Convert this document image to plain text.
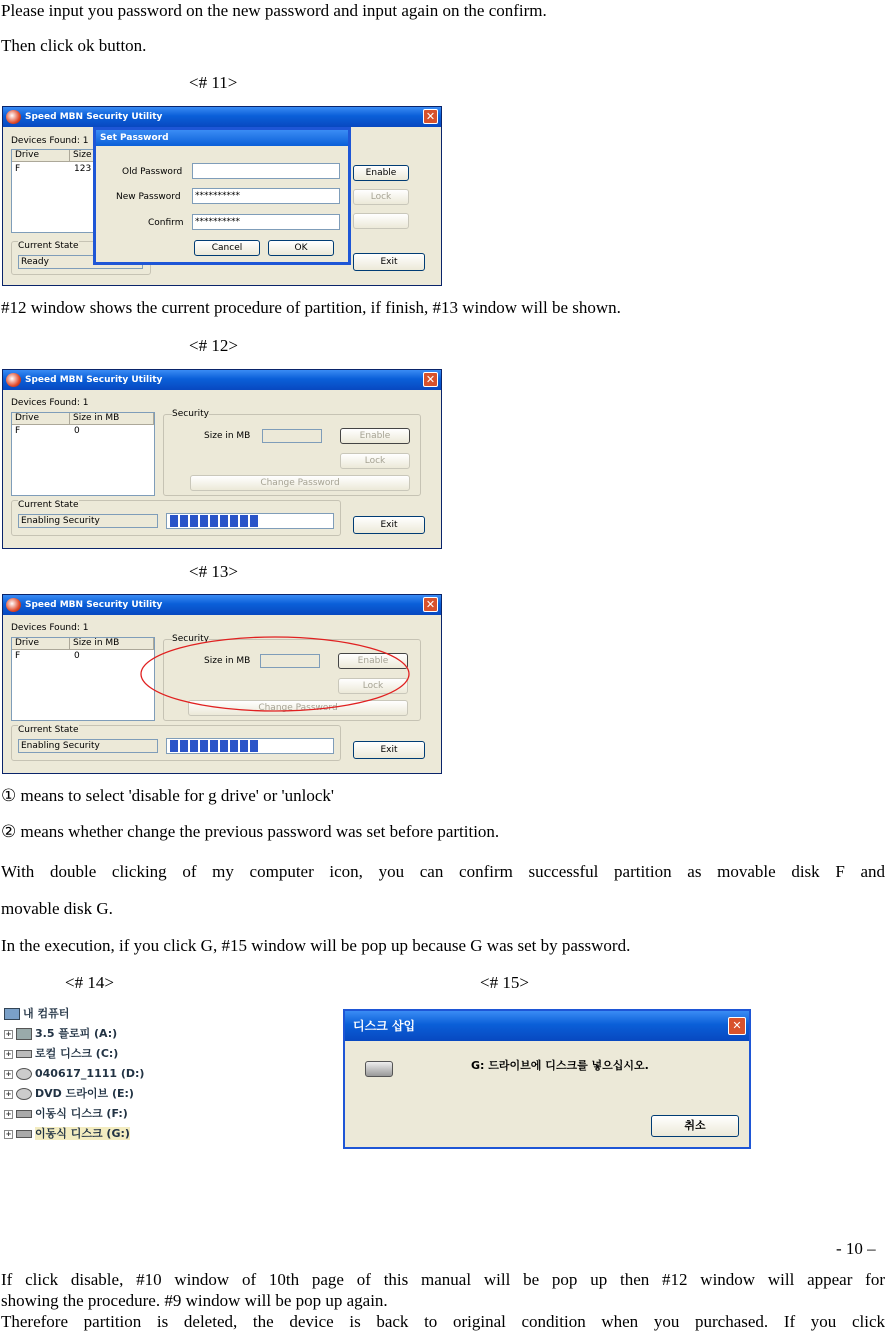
Please input you password on the new password and input again on the confirm.
Then click ok button.
<# 11>
Speed MBN Security Utility	✕
Devices Found: 1
Drive	Size
F	123	Enable
Lock
Current State
Ready	Exit
Set Password
Old Password
New Password	**********
Confirm	**********
Cancel	OK
#12 window shows the current procedure of partition, if finish, #13 window will be shown.
<# 12>
Speed MBN Security Utility	✕
Devices Found: 1
Drive	Size in MB
F	0
Security
Size in MB	Enable
Lock
Change Password
Current State
Enabling Security	Exit
<# 13>
Speed MBN Security Utility	✕
Devices Found: 1
Drive	Size in MB
F	0
Security
Size in MB	Enable
Lock
Change Password
Current State
Enabling Security	Exit
① means to select 'disable for g drive' or 'unlock'
② means whether change the previous password was set before partition.
With double clicking of my computer icon, you can confirm successful partition as movable disk F and
movable disk G.
In the execution, if you click G, #15 window will be pop up because G was set by password.
<# 14>	<# 15>
내 컴퓨터
+ 3.5 플로피 (A:)
+ 로컬 디스크 (C:)
+ 040617_1111 (D:)
+ DVD 드라이브 (E:)
+ 이동식 디스크 (F:)
+ 이동식 디스크 (G:)
디스크 삽입	✕
G: 드라이브에 디스크를 넣으십시오.
취소
- 10 –
If click disable, #10 window of 10th page of this manual will be pop up then #12 window will appear for
showing the procedure. #9 window will be pop up again.
Therefore partition is deleted, the device is back to original condition when you purchased. If you click
